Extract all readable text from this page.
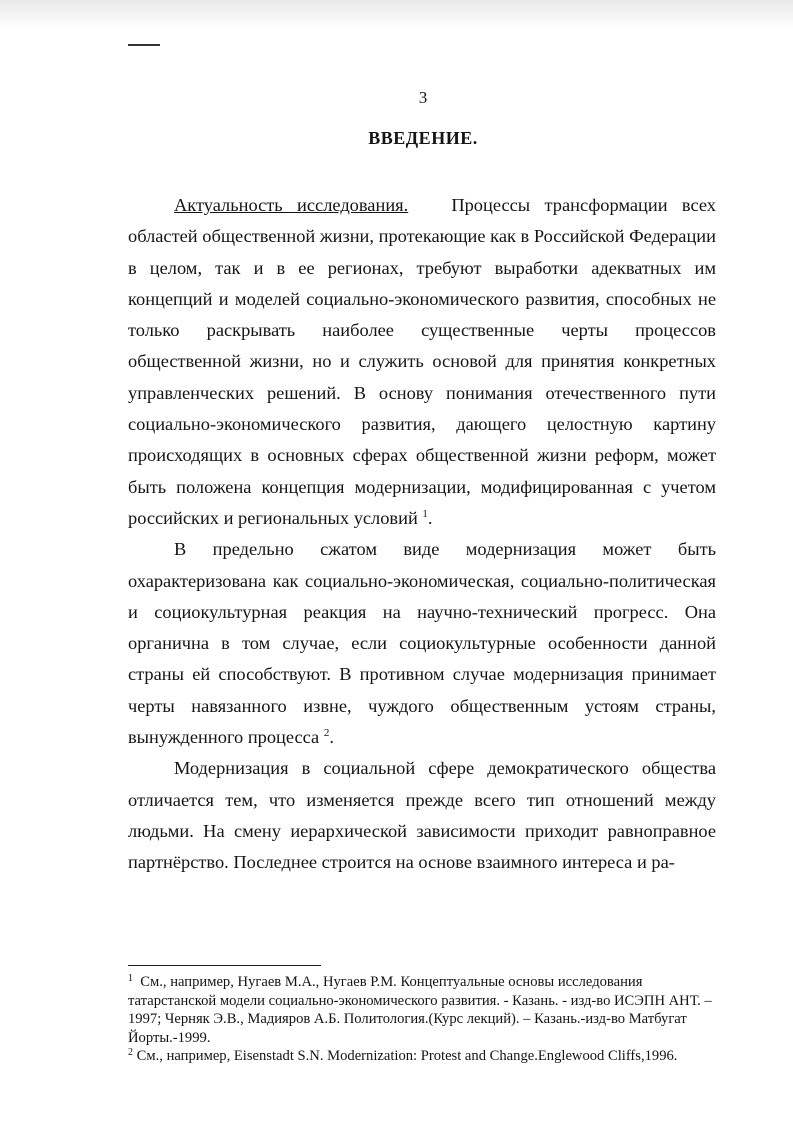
3
ВВЕДЕНИЕ.

Актуальность исследования. Процессы трансформации всех областей общественной жизни, протекающие как в Российской Федерации в целом, так и в ее регионах, требуют выработки адекватных им концепций и моделей социально-экономического развития, способных не только раскрывать наиболее существенные черты процессов общественной жизни, но и служить основой для принятия конкретных управленческих решений. В основу понимания отечественного пути социально-экономического развития, дающего целостную картину происходящих в основных сферах общественной жизни реформ, может быть положена концепция модернизации, модифицированная с учетом российских и региональных условий $^1$.

В предельно сжатом виде модернизация может быть охарактеризована как социально-экономическая, социально-политическая и социокультурная реакция на научно-технический прогресс. Она органична в том случае, если социокультурные особенности данной страны ей способствуют. В противном случае модернизация принимает черты навязанного извне, чуждого общественным устоям страны, вынужденного процесса $^2$.

Модернизация в социальной сфере демократического общества отличается тем, что изменяется прежде всего тип отношений между людьми. На смену иерархической зависимости приходит равноправное партнёрство. Последнее строится на основе взаимного интереса и ра-

$^1$ См., например, Нугаев М.А., Нугаев Р.М. Концептуальные основы исследования татарстанской модели социально-экономического развития. - Казань. - изд-во ИСЭПН АНТ. – 1997; Черняк Э.В., Мадияров А.Б. Политология.(Курс лекций). – Казань.-изд-во Матбугат Йорты.-1999.

$^2$ См., например, Eisenstadt S.N. Modernization: Protest and Change.Englewood Cliffs,1996.
